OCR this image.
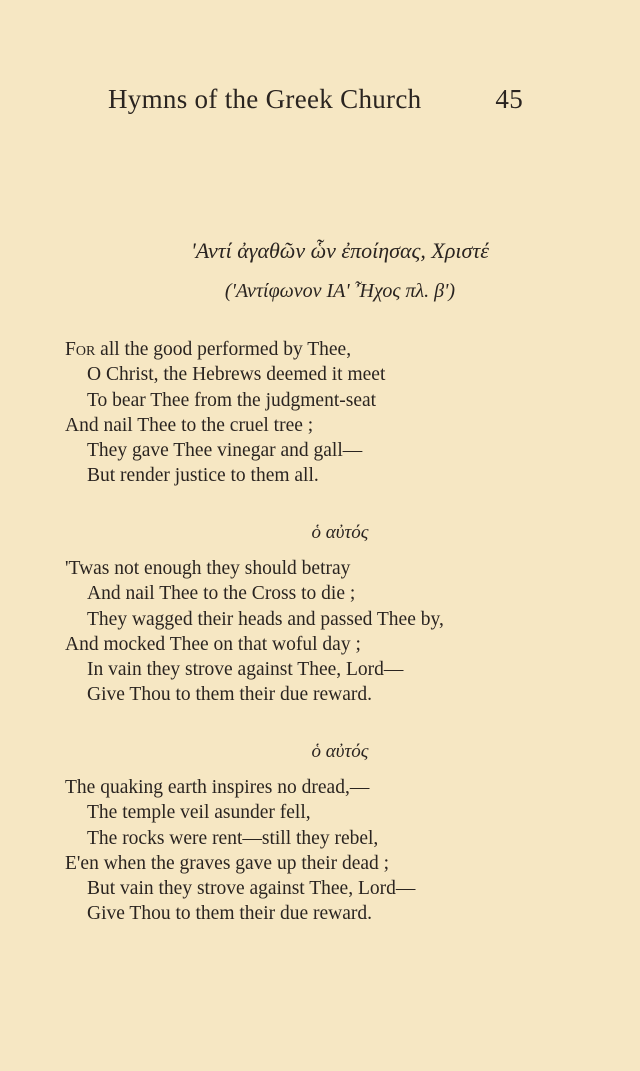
Hymns of the Greek Church	45
'Αντί ἀγαθῶν ὧν ἐποίησας, Χριστέ
('Αντίφωνον ΙΑ' Ἦχος πλ. β')
For all the good performed by Thee,
O Christ, the Hebrews deemed it meet
To bear Thee from the judgment-seat
And nail Thee to the cruel tree ;
They gave Thee vinegar and gall—
But render justice to them all.
ὁ αὐτός
'Twas not enough they should betray
And nail Thee to the Cross to die ;
They wagged their heads and passed Thee by,
And mocked Thee on that woful day ;
In vain they strove against Thee, Lord—
Give Thou to them their due reward.
ὁ αὐτός
The quaking earth inspires no dread,—
The temple veil asunder fell,
The rocks were rent—still they rebel,
E'en when the graves gave up their dead ;
But vain they strove against Thee, Lord—
Give Thou to them their due reward.
